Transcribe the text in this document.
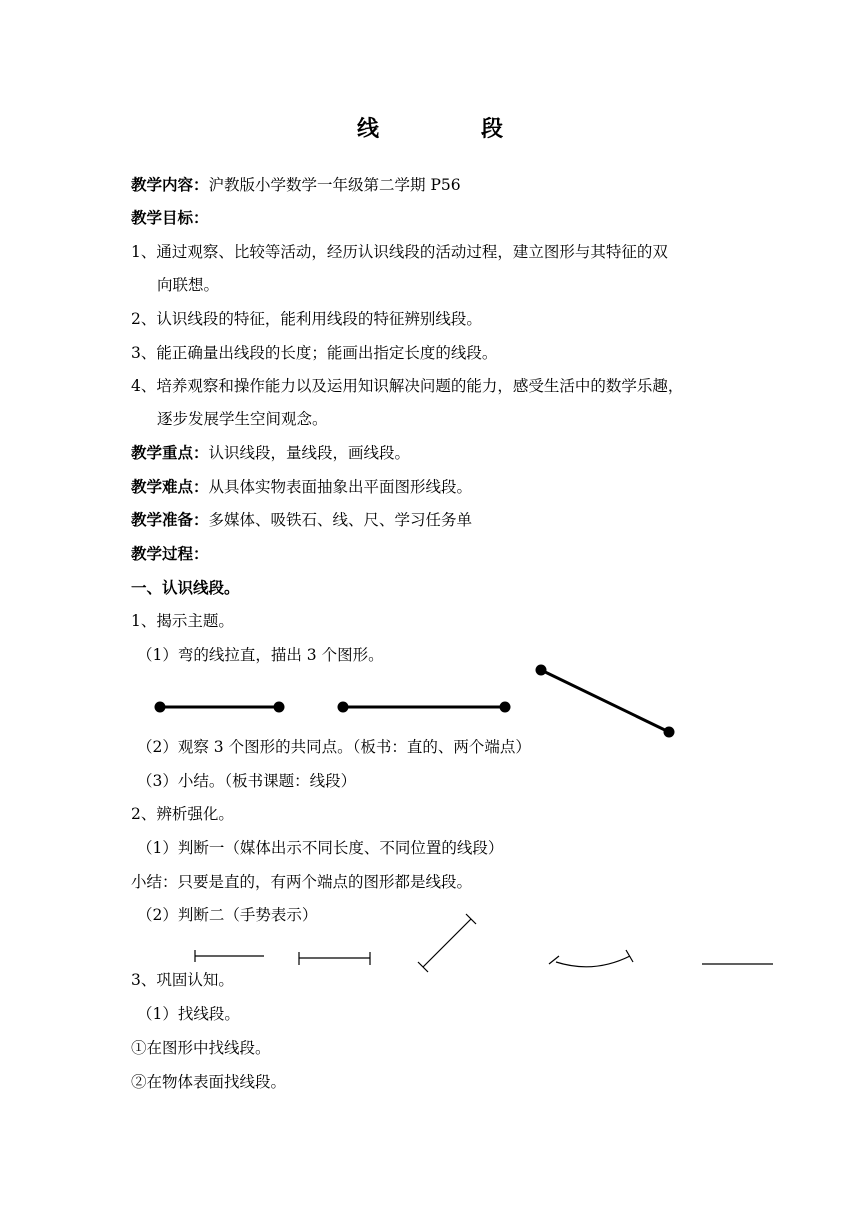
线　段
教学内容：沪教版小学数学一年级第二学期 P56
教学目标：
1、通过观察、比较等活动，经历认识线段的活动过程，建立图形与其特征的双
向联想。
2、认识线段的特征，能利用线段的特征辨别线段。
3、能正确量出线段的长度；能画出指定长度的线段。
4、培养观察和操作能力以及运用知识解决问题的能力，感受生活中的数学乐趣，
逐步发展学生空间观念。
教学重点：认识线段，量线段，画线段。
教学难点：从具体实物表面抽象出平面图形线段。
教学准备：多媒体、吸铁石、线、尺、学习任务单
教学过程：
一、认识线段。
1、揭示主题。
（1）弯的线拉直，描出 3 个图形。
（2）观察 3 个图形的共同点。（板书：直的、两个端点）
（3）小结。（板书课题：线段）
2、辨析强化。
（1）判断一（媒体出示不同长度、不同位置的线段）
小结：只要是直的，有两个端点的图形都是线段。
（2）判断二（手势表示）
3、巩固认知。
（1）找线段。
①在图形中找线段。
②在物体表面找线段。
